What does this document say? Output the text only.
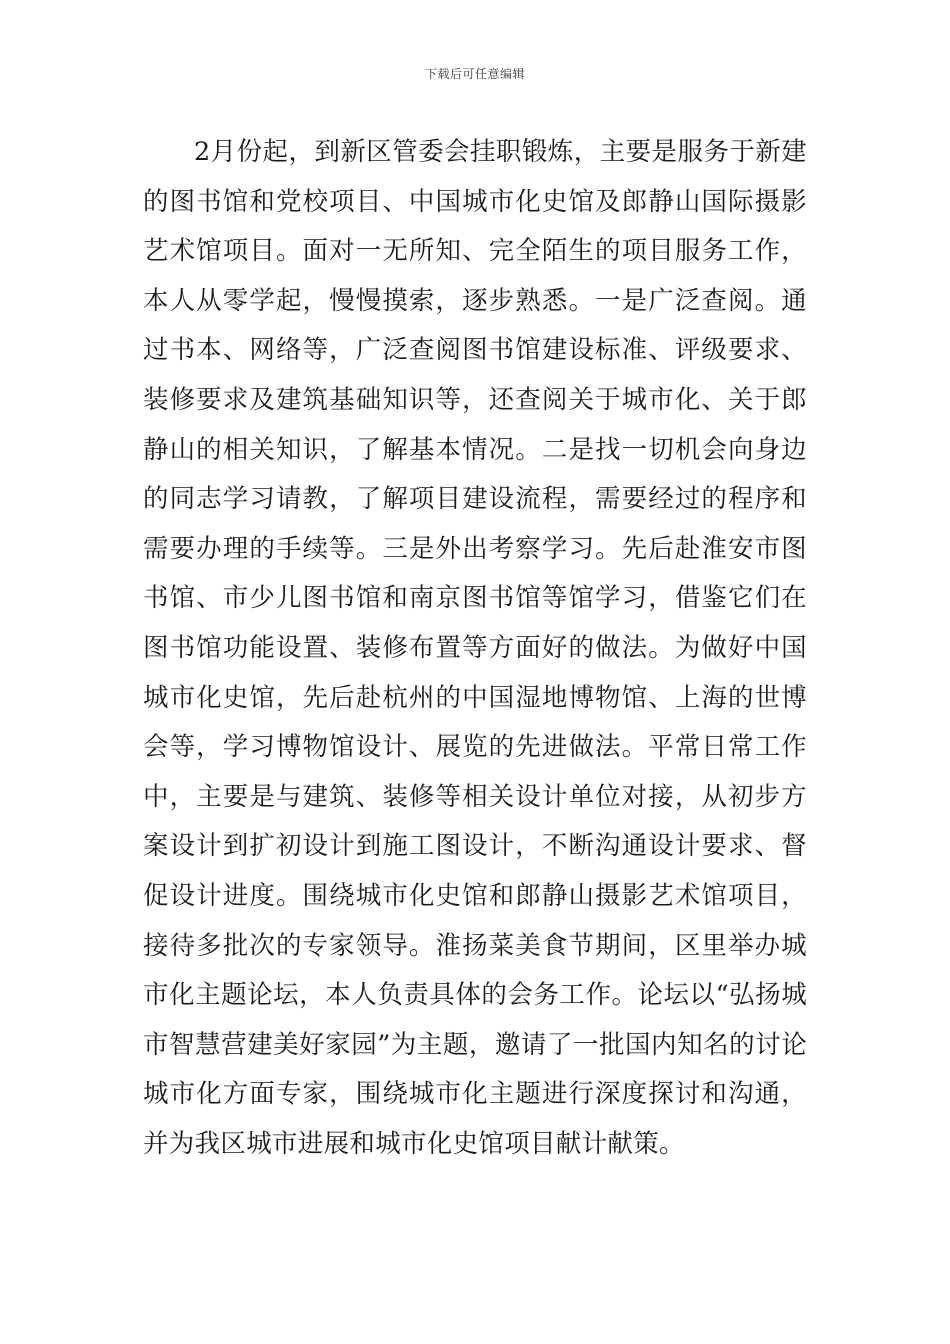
下载后可任意编辑

2月份起，到新区管委会挂职锻炼，主要是服务于新建的图书馆和党校项目、中国城市化史馆及郎静山国际摄影艺术馆项目。面对一无所知、完全陌生的项目服务工作，本人从零学起，慢慢摸索，逐步熟悉。一是广泛查阅。通过书本、网络等，广泛查阅图书馆建设标准、评级要求、装修要求及建筑基础知识等，还查阅关于城市化、关于郎静山的相关知识，了解基本情况。二是找一切机会向身边的同志学习请教，了解项目建设流程，需要经过的程序和需要办理的手续等。三是外出考察学习。先后赴淮安市图书馆、市少儿图书馆和南京图书馆等馆学习，借鉴它们在图书馆功能设置、装修布置等方面好的做法。为做好中国城市化史馆，先后赴杭州的中国湿地博物馆、上海的世博会等，学习博物馆设计、展览的先进做法。平常日常工作中，主要是与建筑、装修等相关设计单位对接，从初步方案设计到扩初设计到施工图设计，不断沟通设计要求、督促设计进度。围绕城市化史馆和郎静山摄影艺术馆项目，接待多批次的专家领导。淮扬菜美食节期间，区里举办城市化主题论坛，本人负责具体的会务工作。论坛以“弘扬城市智慧营建美好家园”为主题，邀请了一批国内知名的讨论城市化方面专家，围绕城市化主题进行深度探讨和沟通，并为我区城市进展和城市化史馆项目献计献策。
